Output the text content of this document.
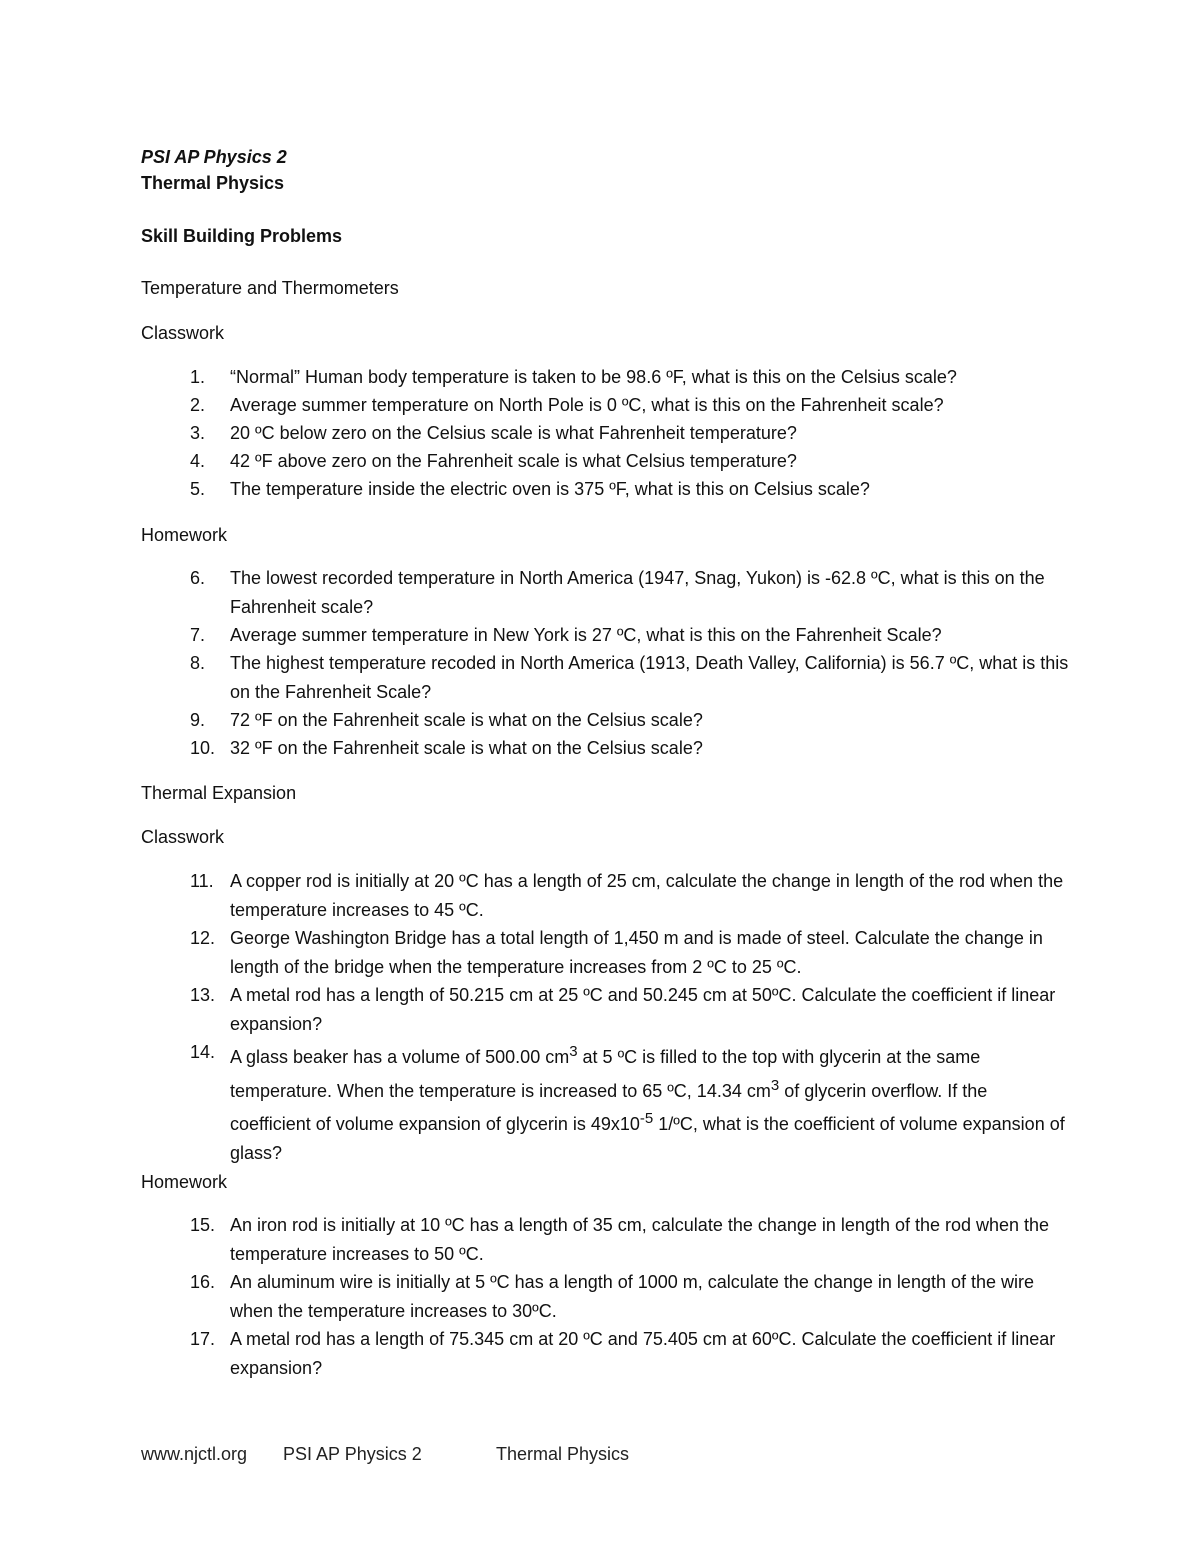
PSI AP Physics 2
Thermal Physics
Skill Building Problems
Temperature and Thermometers
Classwork
1.	“Normal” Human body temperature is taken to be 98.6 ºF, what is this on the Celsius scale?
2.	Average summer temperature on North Pole is 0 ºC, what is this on the Fahrenheit scale?
3.	20 ºC below zero on the Celsius scale is what Fahrenheit temperature?
4.	42 ºF above zero on the Fahrenheit scale is what Celsius temperature?
5.	The temperature inside the electric oven is 375 ºF, what is this on Celsius scale?
Homework
6.	The lowest recorded temperature in North America (1947, Snag, Yukon) is -62.8 ºC, what is this on the Fahrenheit scale?
7.	Average summer temperature in New York is 27 ºC, what is this on the Fahrenheit Scale?
8.	The highest temperature recoded in North America (1913, Death Valley, California) is 56.7 ºC, what is this on the Fahrenheit Scale?
9.	72 ºF on the Fahrenheit scale is what on the Celsius scale?
10. 32 ºF on the Fahrenheit scale is what on the Celsius scale?
Thermal Expansion
Classwork
11. A copper rod is initially at 20 ºC has a length of 25 cm, calculate the change in length of the rod when the temperature increases to 45 ºC.
12. George Washington Bridge has a total length of 1,450 m and is made of steel. Calculate the change in length of the bridge when the temperature increases from 2 ºC to 25 ºC.
13. A metal rod has a length of 50.215 cm at 25 ºC and 50.245 cm at 50ºC. Calculate the coefficient if linear expansion?
14. A glass beaker has a volume of 500.00 $cm^3$ at 5 ºC is filled to the top with glycerin at the same temperature. When the temperature is increased to 65 ºC, 14.34 $cm^3$ of glycerin overflow. If the coefficient of volume expansion of glycerin is $49x10^{-5}$ 1/ºC, what is the coefficient of volume expansion of glass?
Homework
15. An iron rod is initially at 10 ºC has a length of 35 cm, calculate the change in length of the rod when the temperature increases to 50 ºC.
16. An aluminum wire is initially at 5 ºC has a length of 1000 m, calculate the change in length of the wire when the temperature increases to 30ºC.
17. A metal rod has a length of 75.345 cm at 20 ºC and 75.405 cm at 60ºC. Calculate the coefficient if linear expansion?
www.njctl.org PSI AP Physics 2	Thermal Physics
